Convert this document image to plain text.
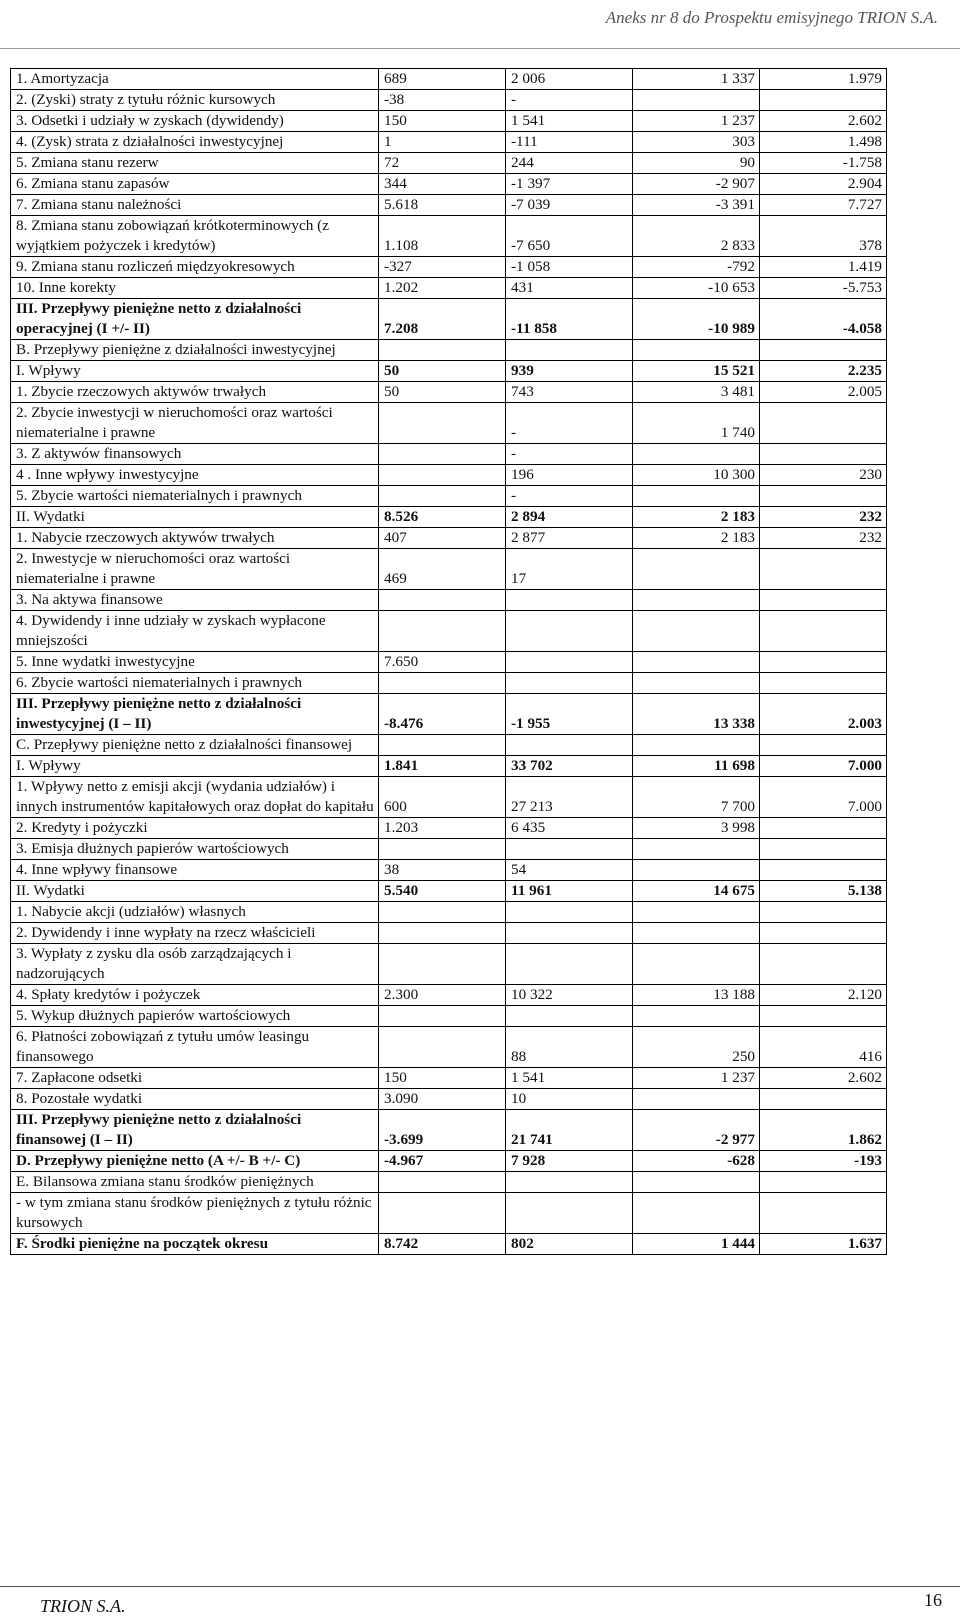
Aneks nr 8 do Prospektu emisyjnego TRION S.A.
1. Amortyzacja	689	2 006	1 337	1.979
2. (Zyski) straty z tytułu różnic kursowych	-38	-		
3. Odsetki i udziały w zyskach (dywidendy)	150	1 541	1 237	2.602
4. (Zysk) strata z działalności inwestycyjnej	1	-111	303	1.498
5. Zmiana stanu rezerw	72	244	90	-1.758
6. Zmiana stanu zapasów	344	-1 397	-2 907	2.904
7. Zmiana stanu należności	5.618	-7 039	-3 391	7.727
8. Zmiana stanu zobowiązań krótkoterminowych (z wyjątkiem pożyczek i kredytów)	1.108	-7 650	2 833	378
9. Zmiana stanu rozliczeń międzyokresowych	-327	-1 058	-792	1.419
10. Inne korekty	1.202	431	-10 653	-5.753
III. Przepływy pieniężne netto z działalności operacyjnej (I +/- II)	7.208	-11 858	-10 989	-4.058
B. Przepływy pieniężne z działalności inwestycyjnej				
I. Wpływy	50	939	15 521	2.235
1. Zbycie rzeczowych aktywów trwałych	50	743	3 481	2.005
2. Zbycie inwestycji w nieruchomości oraz wartości niematerialne i prawne		-	1 740	
3. Z aktywów finansowych		-		
4 . Inne wpływy inwestycyjne		196	10 300	230
5. Zbycie wartości niematerialnych i prawnych		-		
II. Wydatki	8.526	2 894	2 183	232
1. Nabycie rzeczowych aktywów trwałych	407	2 877	2 183	232
2. Inwestycje w nieruchomości oraz wartości niematerialne i prawne	469	17		
3. Na aktywa finansowe				
4. Dywidendy i inne udziały w zyskach wypłacone mniejszości				
5. Inne wydatki inwestycyjne	7.650			
6. Zbycie wartości niematerialnych i prawnych				
III. Przepływy pieniężne netto z działalności inwestycyjnej (I – II)	-8.476	-1 955	13 338	2.003
C. Przepływy pieniężne netto z działalności finansowej				
I. Wpływy	1.841	33 702	11 698	7.000
1. Wpływy netto z emisji akcji (wydania udziałów) i innych instrumentów kapitałowych oraz dopłat do kapitału	600	27 213	7 700	7.000
2. Kredyty i pożyczki	1.203	6 435	3 998	
3. Emisja dłużnych papierów wartościowych				
4. Inne wpływy finansowe	38	54		
II. Wydatki	5.540	11 961	14 675	5.138
1. Nabycie akcji (udziałów) własnych				
2. Dywidendy i inne wypłaty na rzecz właścicieli				
3. Wypłaty z zysku dla osób zarządzających i nadzorujących				
4. Spłaty kredytów i pożyczek	2.300	10 322	13 188	2.120
5. Wykup dłużnych papierów wartościowych				
6. Płatności zobowiązań z tytułu umów leasingu finansowego		88	250	416
7. Zapłacone odsetki	150	1 541	1 237	2.602
8. Pozostałe wydatki	3.090	10		
III. Przepływy pieniężne netto z działalności finansowej (I – II)	-3.699	21 741	-2 977	1.862
D. Przepływy pieniężne netto (A +/- B +/- C)	-4.967	7 928	-628	-193
E. Bilansowa zmiana stanu środków pieniężnych				
- w tym zmiana stanu środków pieniężnych z tytułu różnic kursowych				
F. Środki pieniężne na początek okresu	8.742	802	1 444	1.637
TRION S.A.	16
